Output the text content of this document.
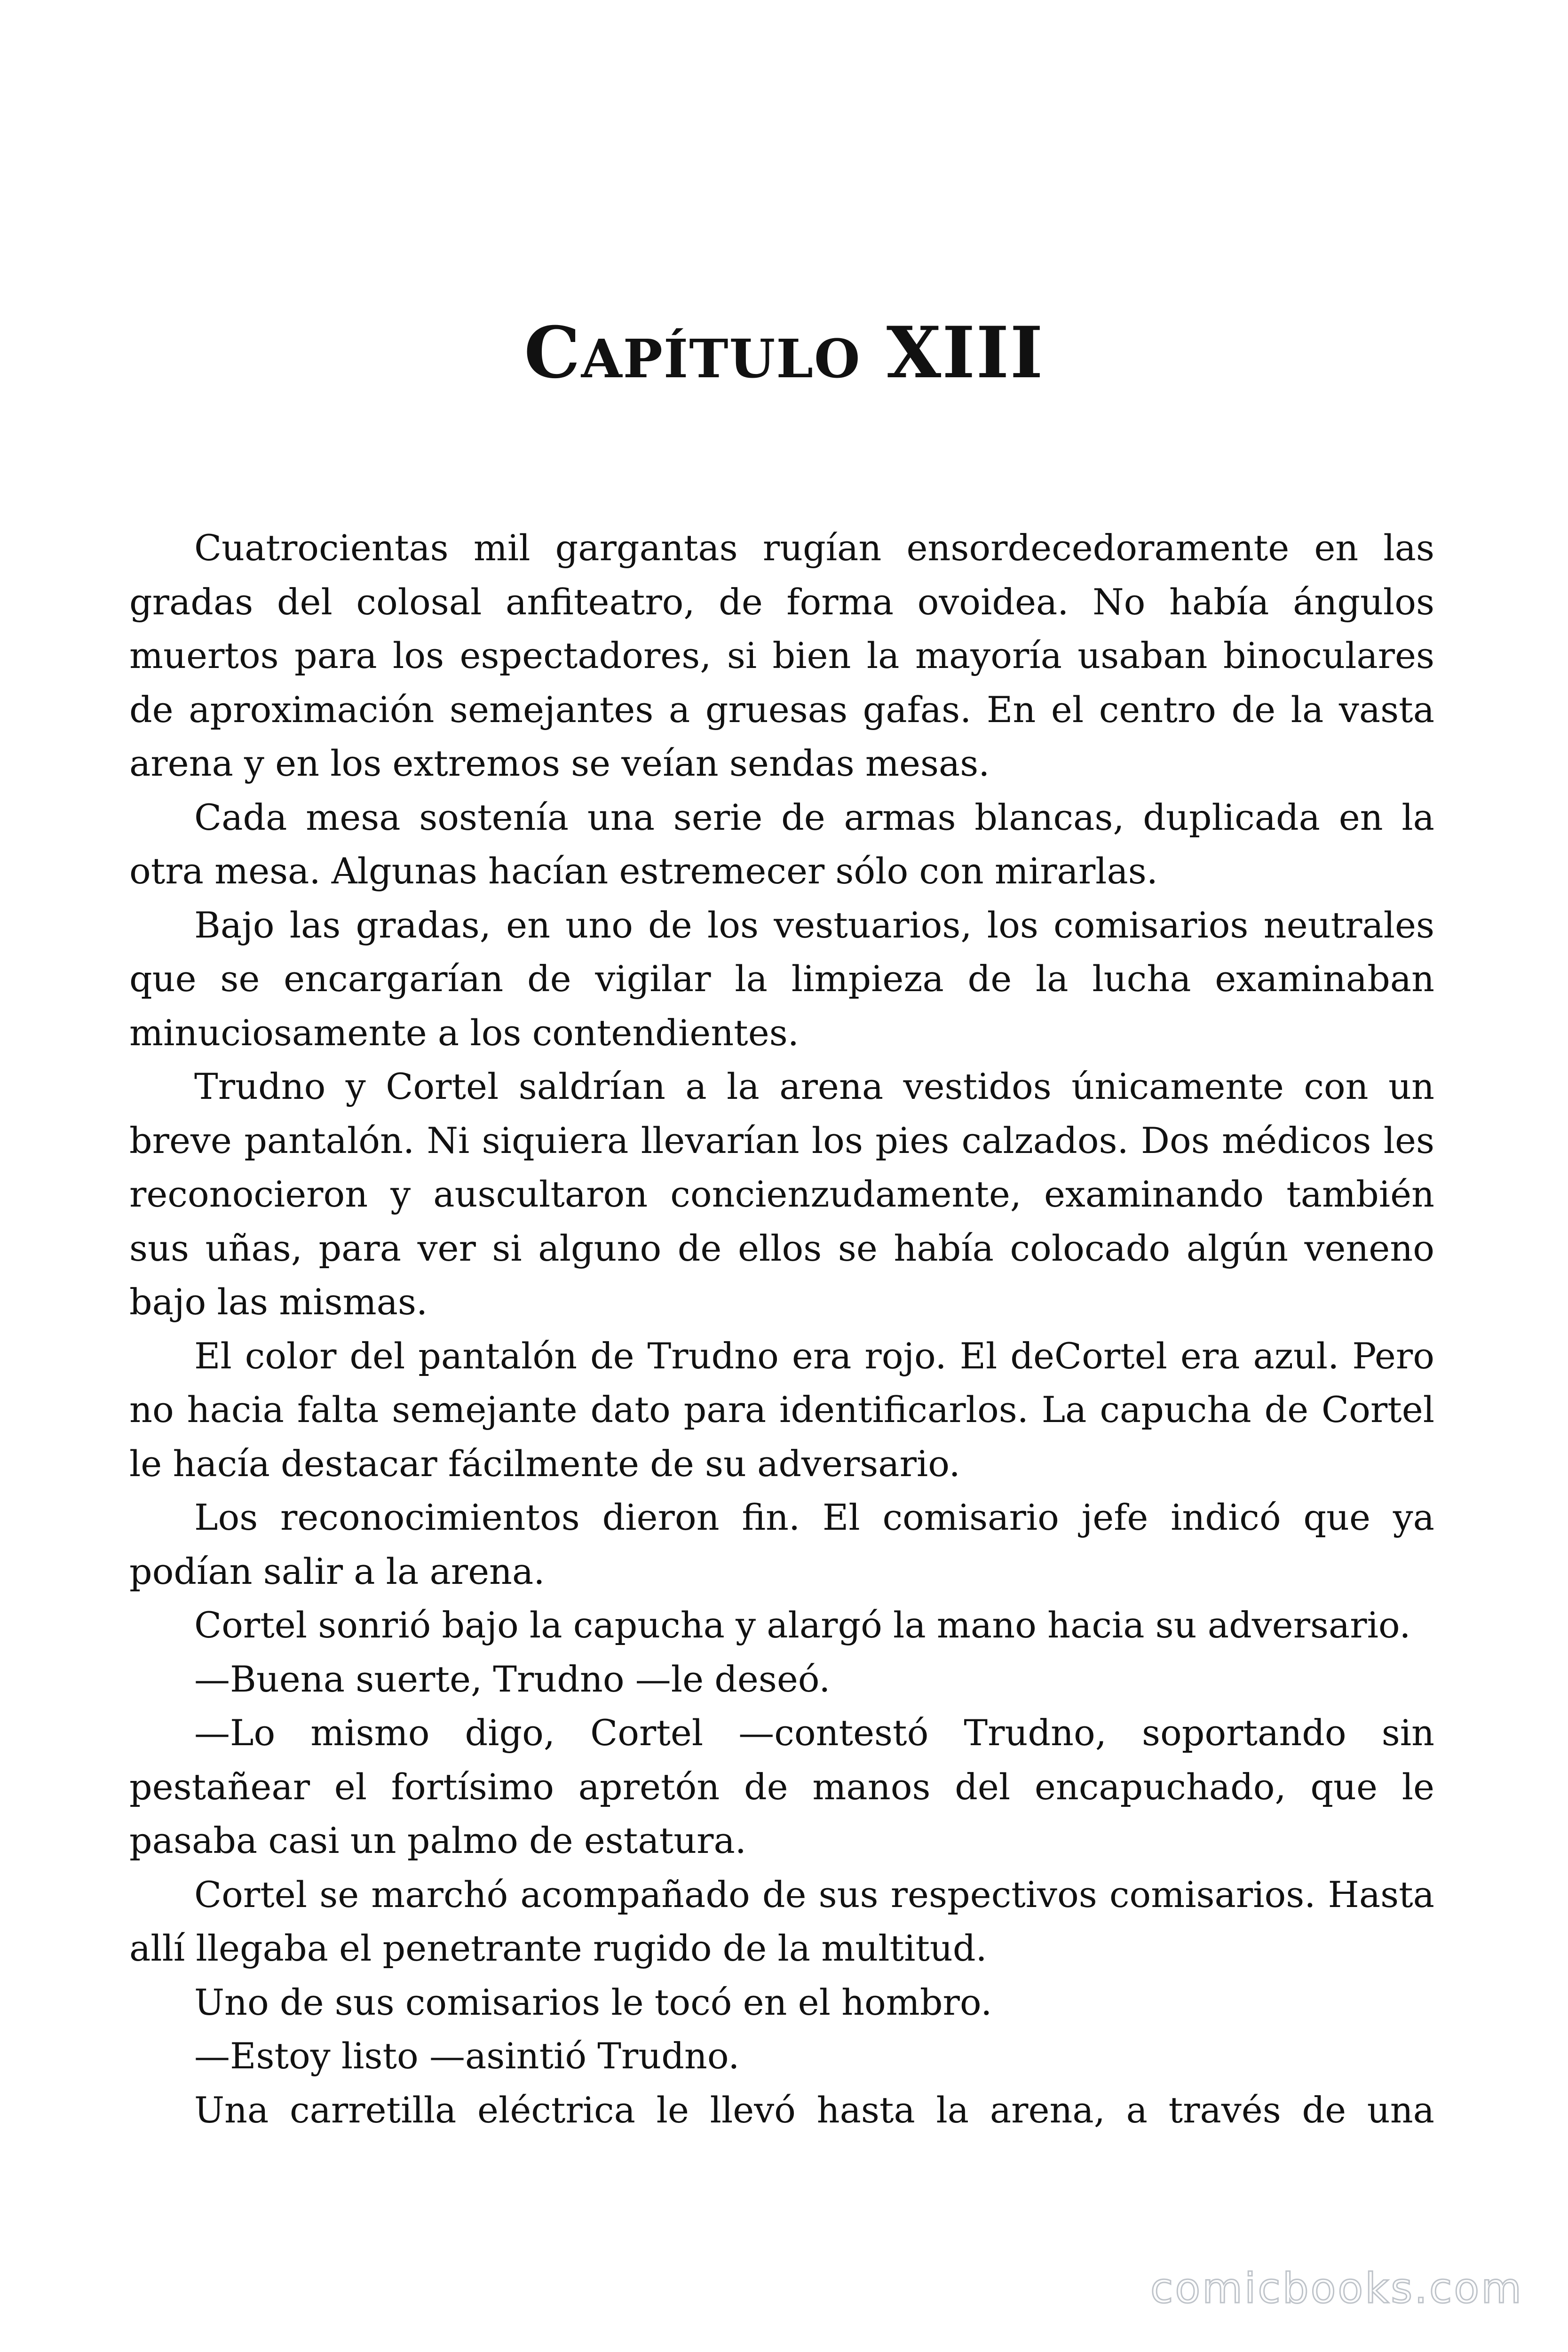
CAPÍTULO XIII

Cuatrocientas mil gargantas rugían ensordecedoramente en las gradas del colosal anfiteatro, de forma ovoidea. No había ángulos muertos para los espectadores, si bien la mayoría usaban binoculares de aproximación semejantes a gruesas gafas. En el centro de la vasta arena y en los extremos se veían sendas mesas.

Cada mesa sostenía una serie de armas blancas, duplicada en la otra mesa. Algunas hacían estremecer sólo con mirarlas.

Bajo las gradas, en uno de los vestuarios, los comisarios neutrales que se encargarían de vigilar la limpieza de la lucha examinaban minuciosamente a los contendientes.

Trudno y Cortel saldrían a la arena vestidos únicamente con un breve pantalón. Ni siquiera llevarían los pies calzados. Dos médicos les reconocieron y auscultaron concienzudamente, examinando también sus uñas, para ver si alguno de ellos se había colocado algún veneno bajo las mismas.

El color del pantalón de Trudno era rojo. El deCortel era azul. Pero no hacia falta semejante dato para identificarlos. La capucha de Cortel le hacía destacar fácilmente de su adversario.

Los reconocimientos dieron fin. El comisario jefe indicó que ya podían salir a la arena.

Cortel sonrió bajo la capucha y alargó la mano hacia su adversario.

—Buena suerte, Trudno —le deseó.

—Lo mismo digo, Cortel —contestó Trudno, soportando sin pestañear el fortísimo apretón de manos del encapuchado, que le pasaba casi un palmo de estatura.

Cortel se marchó acompañado de sus respectivos comisarios. Hasta allí llegaba el penetrante rugido de la multitud.

Uno de sus comisarios le tocó en el hombro.

—Estoy listo —asintió Trudno.

Una carretilla eléctrica le llevó hasta la arena, a través de una

comicbooks.com
